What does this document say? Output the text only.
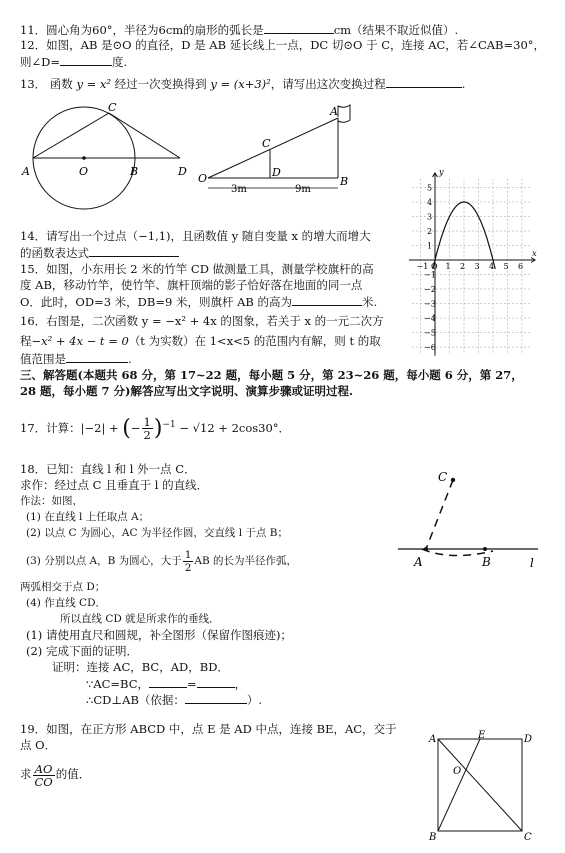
11．圆心角为60°，半径为6cm的扇形的弧长是	cm（结果不取近似值）.
12．如图，AB 是⊙O 的直径，D 是 AB 延长线上一点，DC 切⊙O 于 C，连接 AC，若∠CAB=30°，
则∠D=	度.
13． 函数 y = x² 经过一次变换得到 y = (x+3)²，请写出这次变换过程	.
A	O	B	D
C
O	D
C
B
A
3m	9m
−1 O 1 2 3 4 5 6
5
4
3
2
1
−1
−2
−3
−4
−5
−6
y
x
14．请写出一个过点（−1,1)，且函数值 y 随自变量 x 的增大而增大
的函数表达式
15．如图，小东用长 2 米的竹竿 CD 做测量工具，测量学校旗杆的高
度 AB，移动竹竿，使竹竿、旗杆顶端的影子恰好落在地面的同一点
O．此时，OD=3 米，DB=9 米，则旗杆 AB 的高为	米.
16．右图是，二次函数 y = −x² + 4x 的图象，若关于 x 的一元二次方
程−x² + 4x − t = 0（t 为实数）在 1<x<5 的范围内有解，则 t 的取
值范围是	.
三、解答题(本题共 68 分，第 17~22 题，每小题 5 分，第 23~26 题，每小题 6 分，第 27，
28 题，每小题 7 分)解答应写出文字说明、演算步骤或证明过程.
17．计算：|−2| + (− $\frac{1}{2} )^{-1} - √12 + 2\cos 30^\circ$．
18．已知：直线 l 和 l 外一点 C．
求作：经过点 C 且垂直于 l 的直线．
作法：如图，
(1) 在直线 l 上任取点 A；
(2) 以点 C 为圆心，AC 为半径作圆，交直线 l 于点 B；
(3) 分别以点 A，B 为圆心，大于 $\frac{1}{2}$ AB 的长为半径作弧，
两弧相交于点 D；
(4) 作直线 CD．
所以直线 CD 就是所求作的垂线．
(1) 请使用直尺和圆规，补全图形（保留作图痕迹)；
(2) 完成下面的证明．
证明：连接 AC，BC，AD，BD．
∵AC=BC，	=	，
∴CD⊥AB（依据：	）.
C
A	B	l
19．如图，在正方形 ABCD 中，点 E 是 AD 中点，连接 BE，AC，交于
点 O．
求 $\frac{AO}{CO}$ 的值．
A	D
E
O
B	C
